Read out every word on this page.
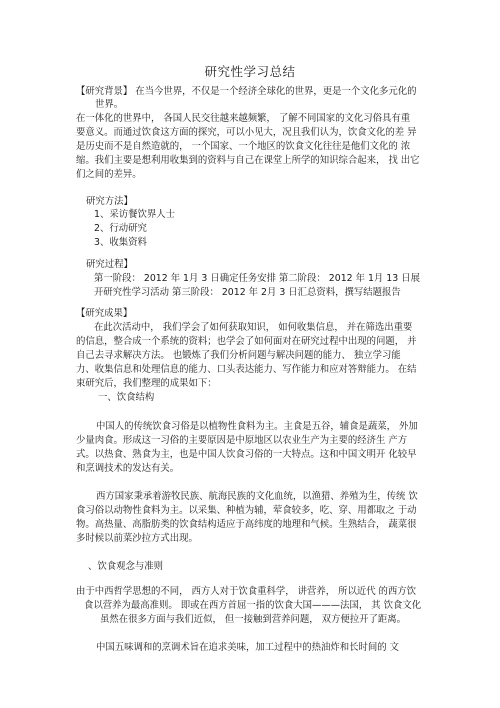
研究性学习总结
【研究背景】 在当今世界，不仅是一个经济全球化的世界，更是一个文化多元化的
世界。
在一体化的世界中， 各国人民交往越来越频繁， 了解不同国家的文化习俗具有重
要意义。而通过饮食这方面的探究，可以小见大，况且我们认为，饮食文化的差 异
是历史而不是自然造就的， 一个国家、一个地区的饮食文化往往是他们文化的 浓
缩。我们主要是想利用收集到的资料与自己在课堂上所学的知识综合起来， 找 出它
们之间的差异。
研究方法】
1、采访餐饮界人士
2、行动研究
3、收集资料
研究过程】
第一阶段： 2012 年 1月 3 日确定任务安排 第二阶段： 2012 年 1月 13 日展
开研究性学习活动 第三阶段： 2012 年 2月 3 日汇总资料，撰写结题报告
【研究成果】
在此次活动中， 我们学会了如何获取知识， 如何收集信息， 并在筛选出重要
的信息，整合成一个系统的资料；也学会了如何面对在研究过程中出现的问题， 并
自己去寻求解决方法。 也锻炼了我们分析问题与解决问题的能力、 独立学习能
力、收集信息和处理信息的能力、口头表达能力、写作能力和应对答辩能力。 在结
束研究后，我们整理的成果如下：
一、饮食结构
中国人的传统饮食习俗是以植物性食料为主。主食是五谷，辅食是蔬菜， 外加
少量肉食。形成这一习俗的主要原因是中原地区以农业生产为主要的经济生 产方
式。以热食、熟食为主，也是中国人饮食习俗的一大特点。这和中国文明开 化较早
和烹调技术的发达有关。
西方国家秉承着游牧民族、航海民族的文化血统，以渔猎、养殖为生，传统 饮
食习俗以动物性食料为主。以采集、种植为辅，荤食较多，吃、穿、用都取之 于动
物。高热量、高脂肪类的饮食结构适应于高纬度的地理和气候。生熟结合， 蔬菜很
多时候以前菜沙拉方式出现。
、饮食观念与准则
由于中西哲学思想的不同， 西方人对于饮食重科学， 讲营养， 所以近代 的西方饮
食以营养为最高准则。 即或在西方首屈一指的饮食大国———法国， 其 饮食文化
虽然在很多方面与我们近似， 但一接触到营养问题， 双方便拉开了距离。
中国五味调和的烹调术旨在追求美味，加工过程中的热油炸和长时间的 文
